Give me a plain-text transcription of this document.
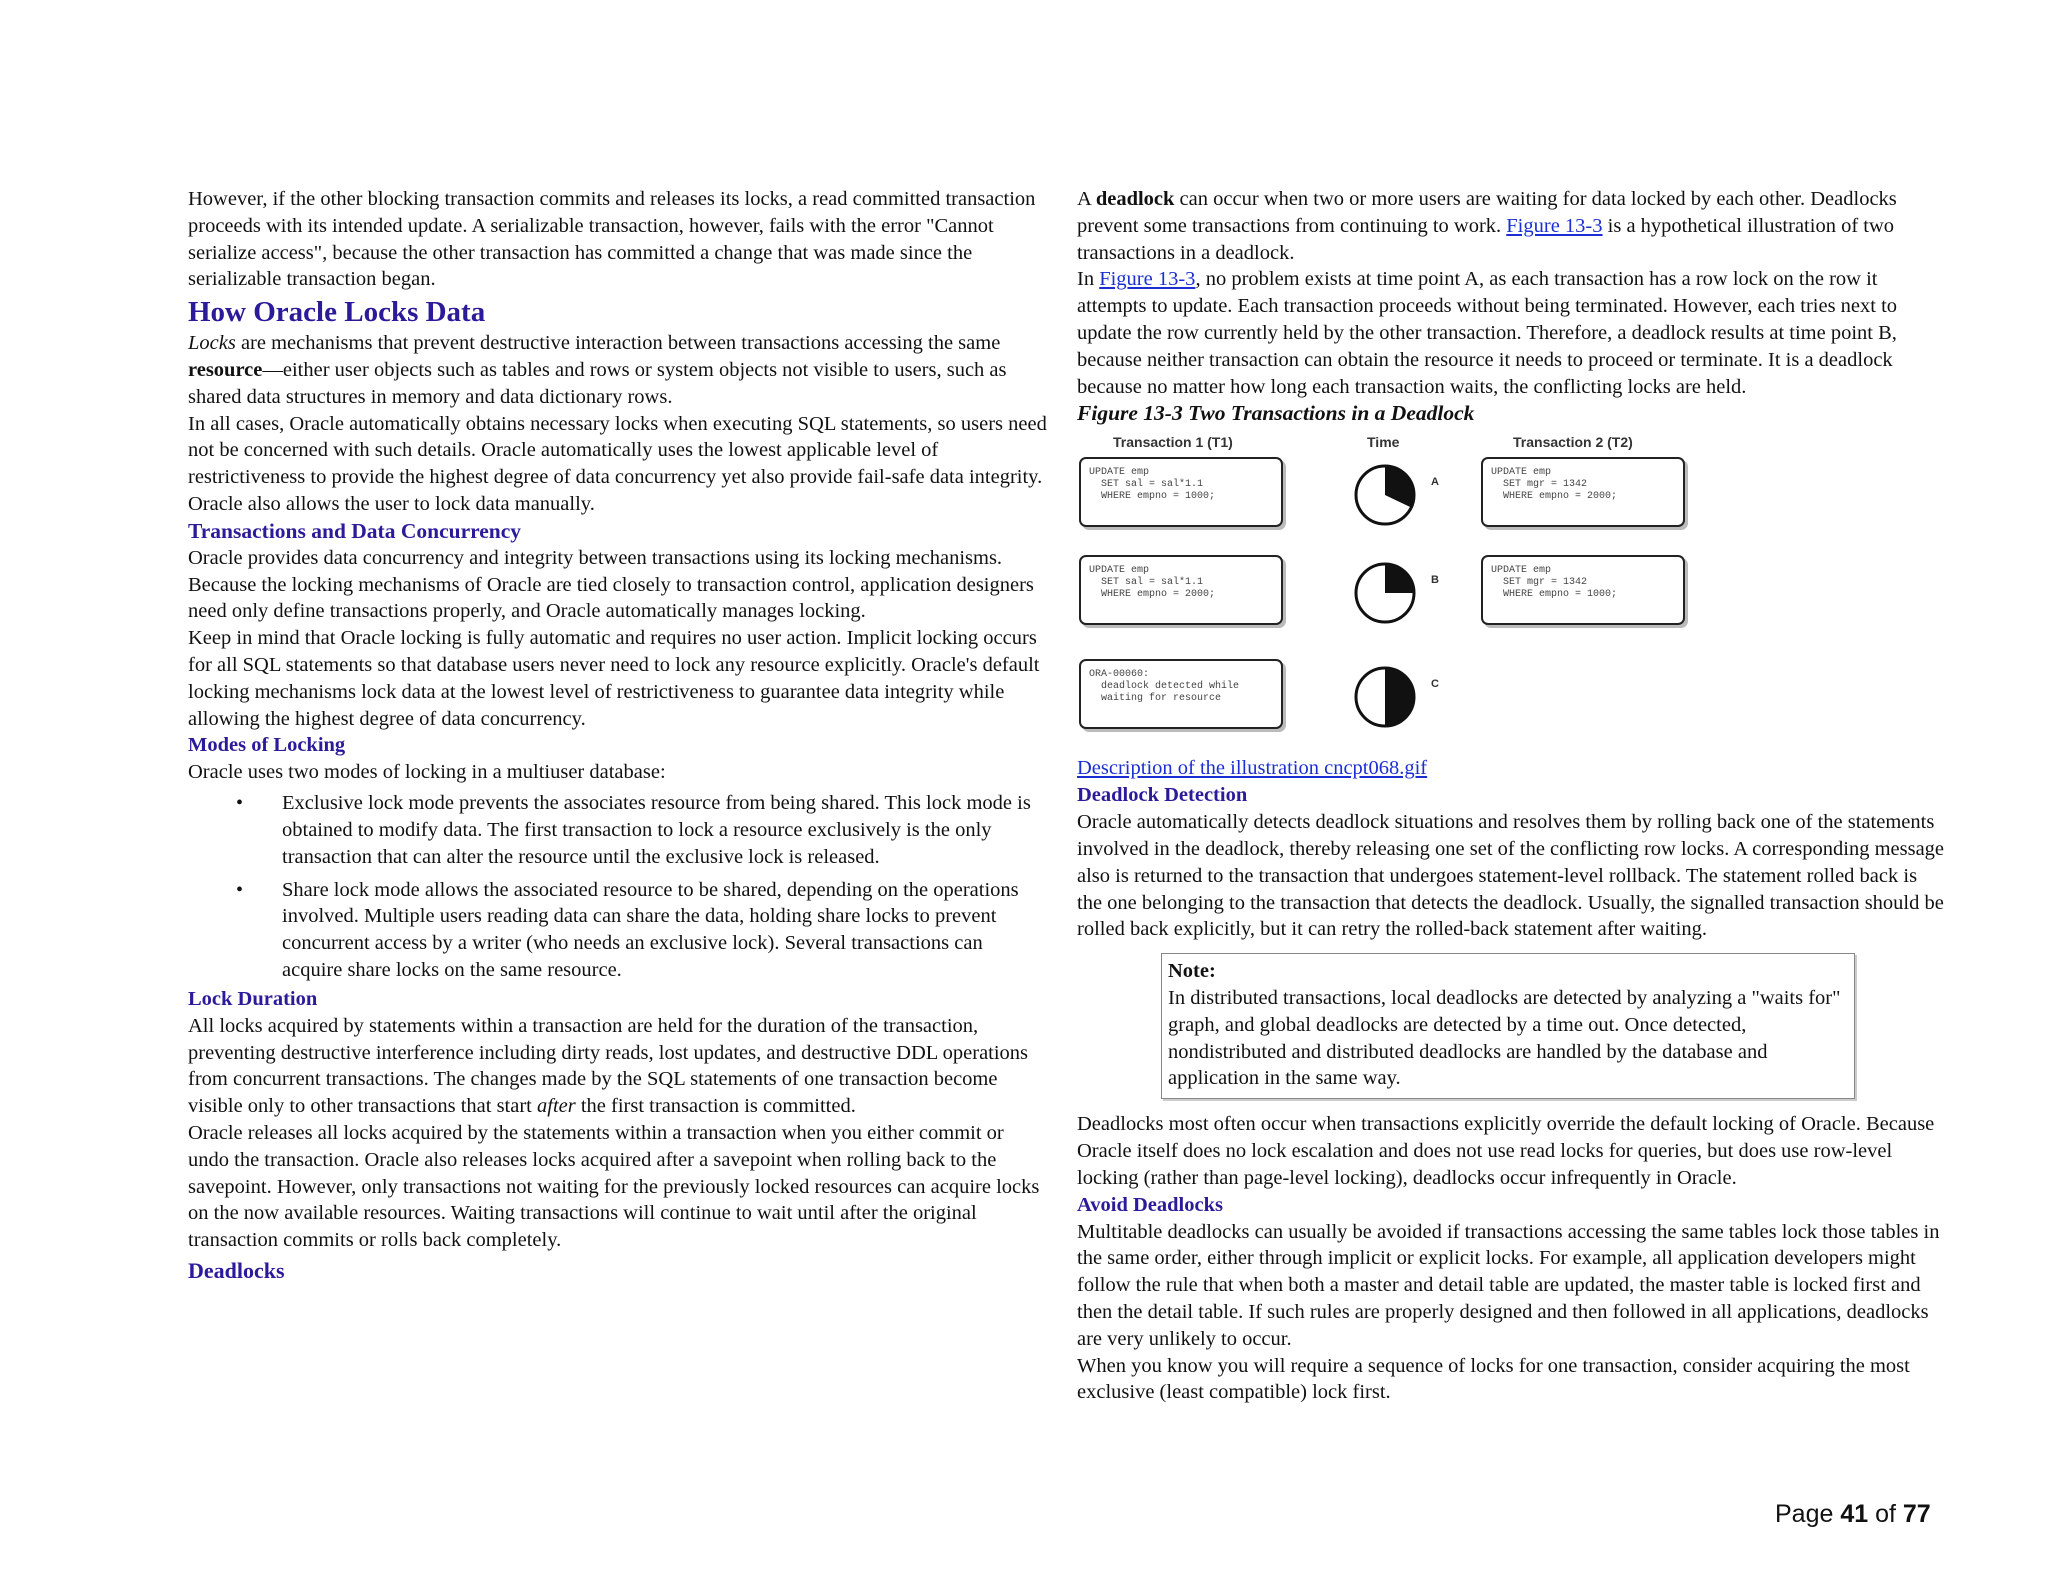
However, if the other blocking transaction commits and releases its locks, a read committed transaction proceeds with its intended update. A serializable transaction, however, fails with the error "Cannot serialize access", because the other transaction has committed a change that was made since the serializable transaction began.

How Oracle Locks Data

Locks are mechanisms that prevent destructive interaction between transactions accessing the same resource—either user objects such as tables and rows or system objects not visible to users, such as shared data structures in memory and data dictionary rows.

In all cases, Oracle automatically obtains necessary locks when executing SQL statements, so users need not be concerned with such details. Oracle automatically uses the lowest applicable level of restrictiveness to provide the highest degree of data concurrency yet also provide fail-safe data integrity. Oracle also allows the user to lock data manually.

Transactions and Data Concurrency

Oracle provides data concurrency and integrity between transactions using its locking mechanisms. Because the locking mechanisms of Oracle are tied closely to transaction control, application designers need only define transactions properly, and Oracle automatically manages locking.

Keep in mind that Oracle locking is fully automatic and requires no user action. Implicit locking occurs for all SQL statements so that database users never need to lock any resource explicitly. Oracle's default locking mechanisms lock data at the lowest level of restrictiveness to guarantee data integrity while allowing the highest degree of data concurrency.

Modes of Locking

Oracle uses two modes of locking in a multiuser database:

• Exclusive lock mode prevents the associates resource from being shared. This lock mode is obtained to modify data. The first transaction to lock a resource exclusively is the only transaction that can alter the resource until the exclusive lock is released.
• Share lock mode allows the associated resource to be shared, depending on the operations involved. Multiple users reading data can share the data, holding share locks to prevent concurrent access by a writer (who needs an exclusive lock). Several transactions can acquire share locks on the same resource.
Lock Duration

All locks acquired by statements within a transaction are held for the duration of the transaction, preventing destructive interference including dirty reads, lost updates, and destructive DDL operations from concurrent transactions. The changes made by the SQL statements of one transaction become visible only to other transactions that start after the first transaction is committed.

Oracle releases all locks acquired by the statements within a transaction when you either commit or undo the transaction. Oracle also releases locks acquired after a savepoint when rolling back to the savepoint. However, only transactions not waiting for the previously locked resources can acquire locks on the now available resources. Waiting transactions will continue to wait until after the original transaction commits or rolls back completely.

Deadlocks

A deadlock can occur when two or more users are waiting for data locked by each other. Deadlocks prevent some transactions from continuing to work. Figure 13-3 is a hypothetical illustration of two transactions in a deadlock.

In Figure 13-3, no problem exists at time point A, as each transaction has a row lock on the row it attempts to update. Each transaction proceeds without being terminated. However, each tries next to update the row currently held by the other transaction. Therefore, a deadlock results at time point B, because neither transaction can obtain the resource it needs to proceed or terminate. It is a deadlock because no matter how long each transaction waits, the conflicting locks are held.

Figure 13-3 Two Transactions in a Deadlock
Transaction 1 (T1)	Time	Transaction 2 (T2)
UPDATE emp
SET sal = sal*1.1
WHERE empno = 1000;
UPDATE emp
SET mgr = 1342
WHERE empno = 2000;
UPDATE emp
SET sal = sal*1.1
WHERE empno = 2000;
UPDATE emp
SET mgr = 1342
WHERE empno = 1000;
ORA-00060:
deadlock detected while
waiting for resource
A
B
C

Description of the illustration cncpt068.gif

Deadlock Detection

Oracle automatically detects deadlock situations and resolves them by rolling back one of the statements involved in the deadlock, thereby releasing one set of the conflicting row locks. A corresponding message also is returned to the transaction that undergoes statement-level rollback. The statement rolled back is the one belonging to the transaction that detects the deadlock. Usually, the signalled transaction should be rolled back explicitly, but it can retry the rolled-back statement after waiting.

Note:
In distributed transactions, local deadlocks are detected by analyzing a "waits for" graph, and global deadlocks are detected by a time out. Once detected, nondistributed and distributed deadlocks are handled by the database and application in the same way.

Deadlocks most often occur when transactions explicitly override the default locking of Oracle. Because Oracle itself does no lock escalation and does not use read locks for queries, but does use row-level locking (rather than page-level locking), deadlocks occur infrequently in Oracle.

Avoid Deadlocks

Multitable deadlocks can usually be avoided if transactions accessing the same tables lock those tables in the same order, either through implicit or explicit locks. For example, all application developers might follow the rule that when both a master and detail table are updated, the master table is locked first and then the detail table. If such rules are properly designed and then followed in all applications, deadlocks are very unlikely to occur.

When you know you will require a sequence of locks for one transaction, consider acquiring the most exclusive (least compatible) lock first.

Page 41 of 77
